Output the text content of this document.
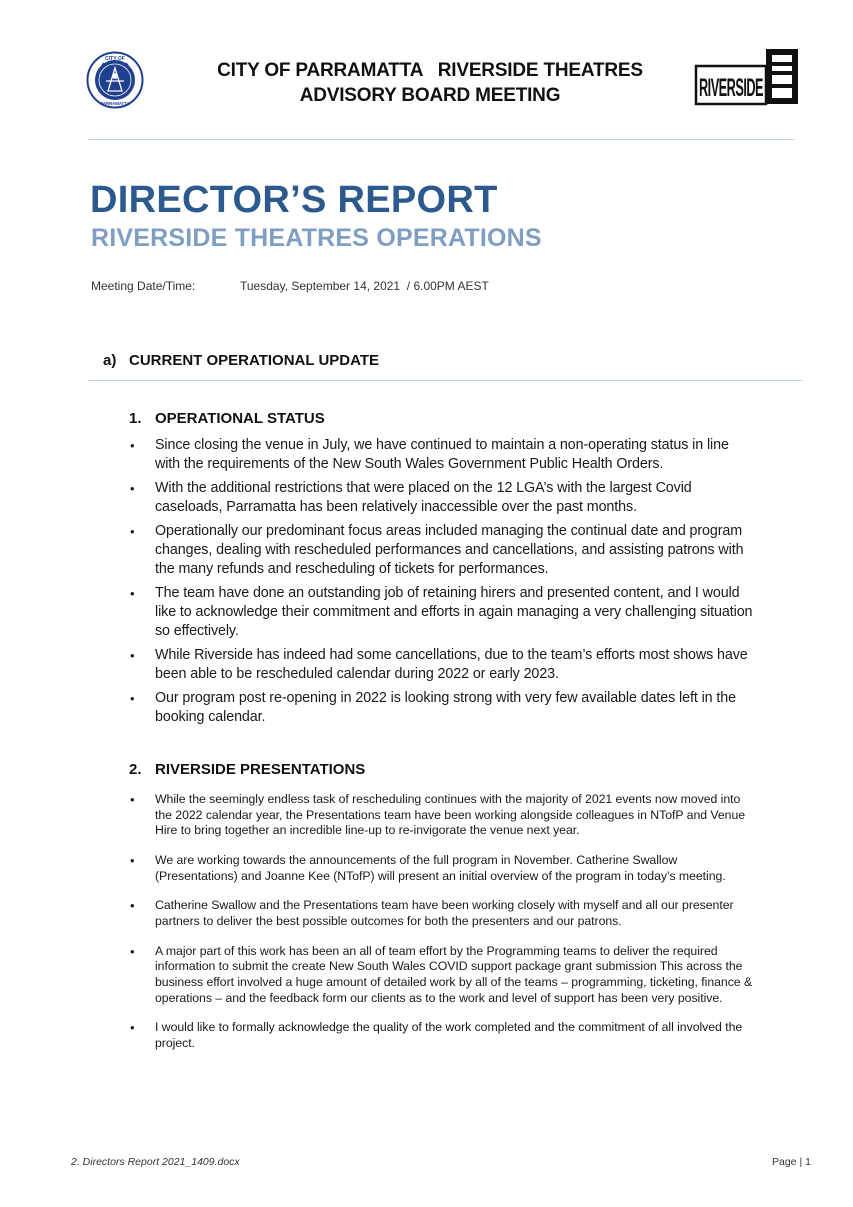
CITY OF
PARRAMATTA
CITY OF PARRAMATTA   RIVERSIDE THEATRES
ADVISORY BOARD MEETING	RIVERSIDE
DIRECTOR’S REPORT
RIVERSIDE THEATRES OPERATIONS
Meeting Date/Time:	Tuesday, September 14, 2021  / 6.00PM AEST
a) CURRENT OPERATIONAL UPDATE
1. OPERATIONAL STATUS
• Since closing the venue in July, we have continued to maintain a non-operating status in line with the requirements of the New South Wales Government Public Health Orders.
• With the additional restrictions that were placed on the 12 LGA’s with the largest Covid caseloads, Parramatta has been relatively inaccessible over the past months.
• Operationally our predominant focus areas included managing the continual date and program changes, dealing with rescheduled performances and cancellations, and assisting patrons with the many refunds and rescheduling of tickets for performances.
• The team have done an outstanding job of retaining hirers and presented content, and I would like to acknowledge their commitment and efforts in again managing a very challenging situation so effectively.
• While Riverside has indeed had some cancellations, due to the team’s efforts most shows have been able to be rescheduled calendar during 2022 or early 2023.
• Our program post re-opening in 2022 is looking strong with very few available dates left in the booking calendar.
2. RIVERSIDE PRESENTATIONS
• While the seemingly endless task of rescheduling continues with the majority of 2021 events now moved into the 2022 calendar year, the Presentations team have been working alongside colleagues in NTofP and Venue Hire to bring together an incredible line-up to re-invigorate the venue next year.
• We are working towards the announcements of the full program in November. Catherine Swallow (Presentations) and Joanne Kee (NTofP) will present an initial overview of the program in today’s meeting.
• Catherine Swallow and the Presentations team have been working closely with myself and all our presenter partners to deliver the best possible outcomes for both the presenters and our patrons.
• A major part of this work has been an all of team effort by the Programming teams to deliver the required information to submit the create New South Wales COVID support package grant submission This across the business effort involved a huge amount of detailed work by all of the teams – programming, ticketing, finance & operations – and the feedback form our clients as to the work and level of support has been very positive.
• I would like to formally acknowledge the quality of the work completed and the commitment of all involved the project.
2. Directors Report 2021_1409.docx	Page | 1
